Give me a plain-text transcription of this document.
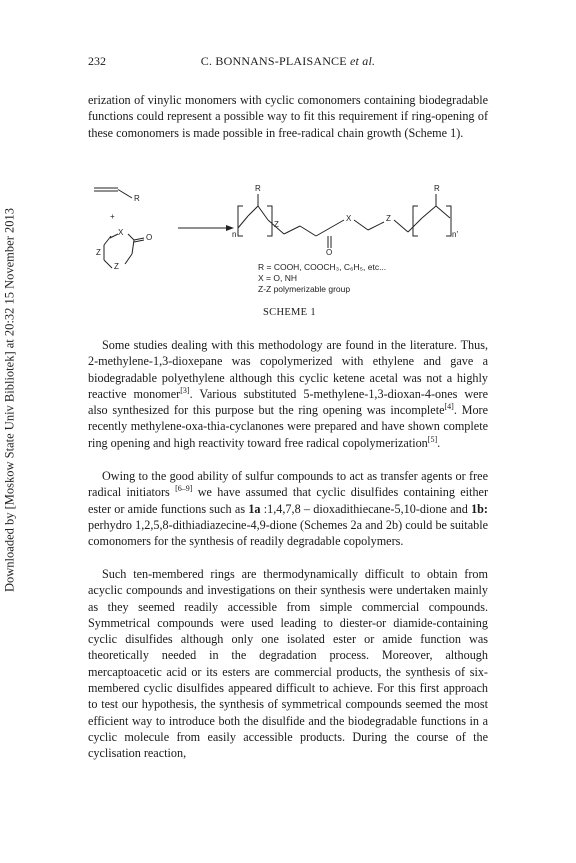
Downloaded by [Moskow State Univ Bibliotek] at 20:32 15 November 2013
232	C. BONNANS-PLAISANCE et al.

erization of vinylic monomers with cyclic comonomers containing biodegradable functions could represent a possible way to fit this requirement if ring-opening of these comonomers is made possible in free-radical chain growth (Scheme 1).

R
+
X
O
Z
Z
R
n
Z
O
X	Z
R
n'
R = COOH, COOCH₃, C₆H₅, etc...
X = O, NH
Z-Z polymerizable group
SCHEME 1

Some studies dealing with this methodology are found in the literature. Thus, 2-methylene-1,3-dioxepane was copolymerized with ethylene and gave a biodegradable polyethylene although this cyclic ketene acetal was not a highly reactive monomer[3]. Various substituted 5-methylene-1,3-dioxan-4-ones were also synthesized for this purpose but the ring opening was incomplete[4]. More recently methylene-oxa-thia-cyclanones were prepared and have shown complete ring opening and high reactivity toward free radical copolymerization[5].

Owing to the good ability of sulfur compounds to act as transfer agents or free radical initiators [6–9] we have assumed that cyclic disulfides containing either ester or amide functions such as 1a :1,4,7,8 – dioxadithiecane-5,10-dione and 1b: perhydro 1,2,5,8-dithiadiazecine-4,9-dione (Schemes 2a and 2b) could be suitable comonomers for the synthesis of readily degradable copolymers.

Such ten-membered rings are thermodynamically difficult to obtain from acyclic compounds and investigations on their synthesis were undertaken mainly as they seemed readily accessible from simple commercial compounds. Symmetrical compounds were used leading to diester-or diamide-containing cyclic disulfides although only one isolated ester or amide function was theoretically needed in the degradation process. Moreover, although mercaptoacetic acid or its esters are commercial products, the synthesis of six-membered cyclic disulfides appeared difficult to achieve. For this first approach to test our hypothesis, the synthesis of symmetrical compounds seemed the most efficient way to introduce both the disulfide and the biodegradable functions in a cyclic molecule from easily accessible products. During the course of the cyclisation reaction,
